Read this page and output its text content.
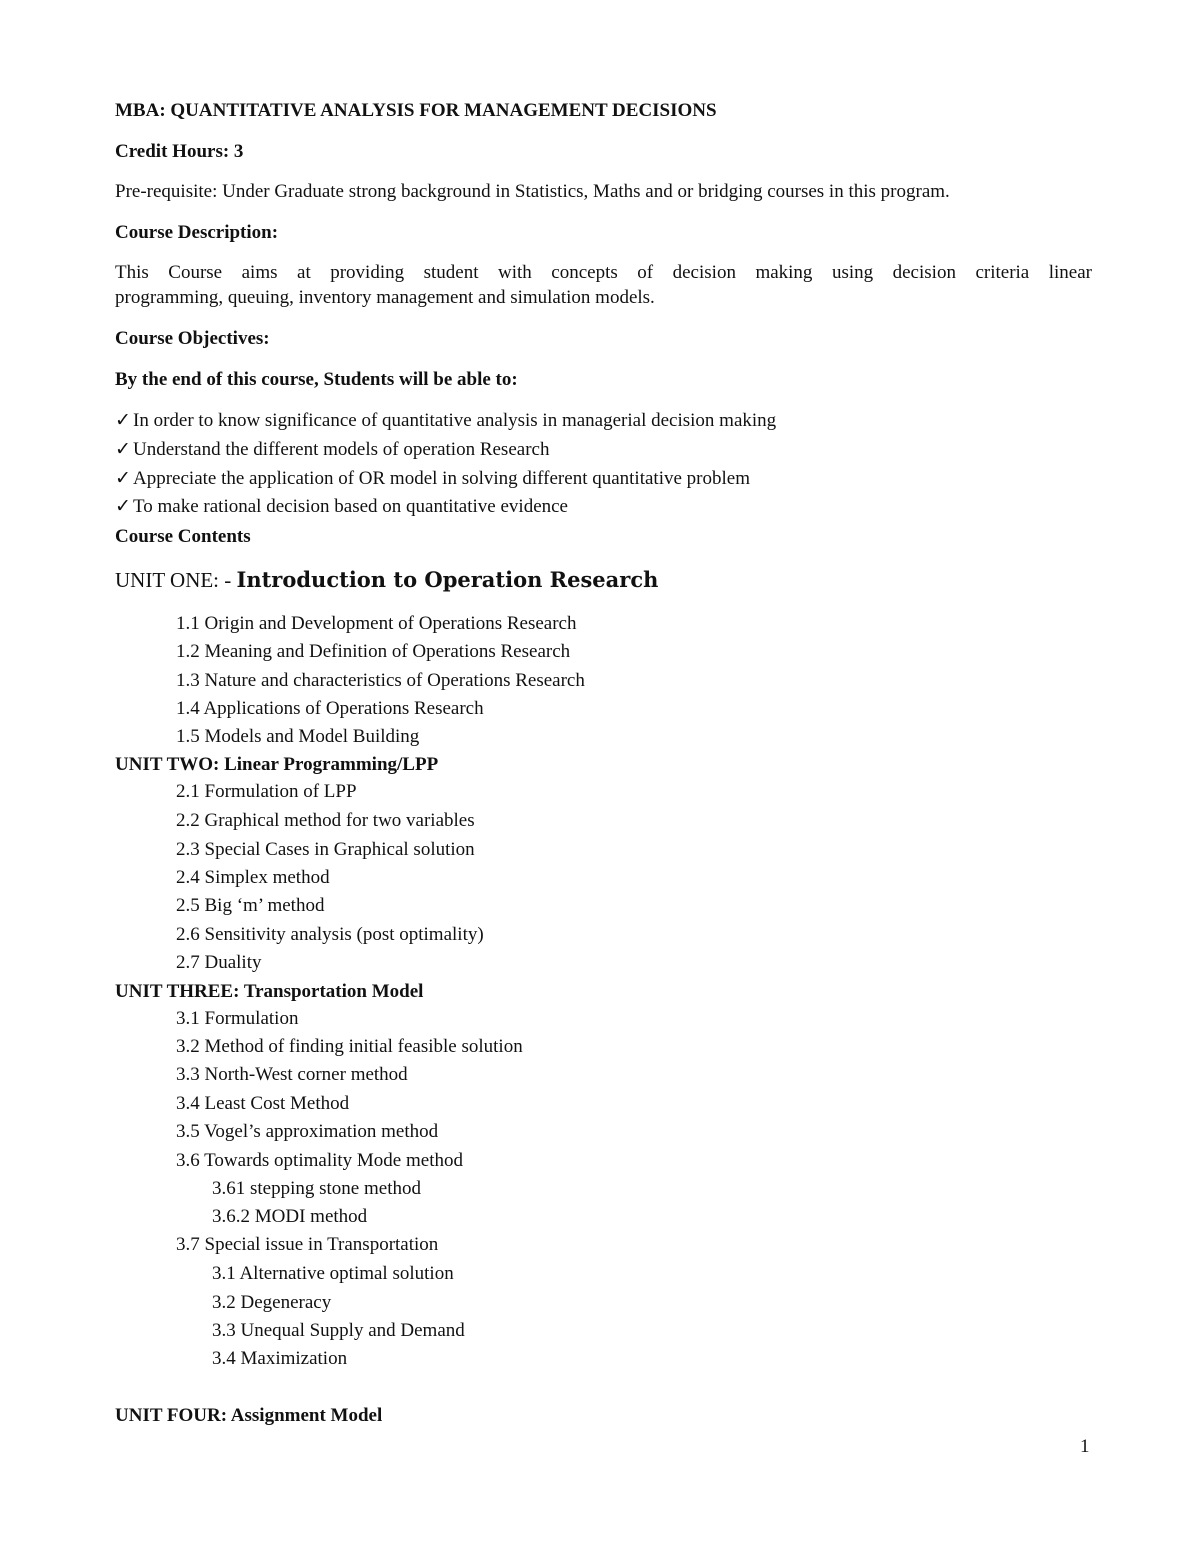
MBA: QUANTITATIVE ANALYSIS FOR MANAGEMENT DECISIONS
Credit Hours: 3
Pre-requisite: Under Graduate strong background in Statistics, Maths and or bridging courses in this program.
Course Description:
This Course aims at providing student with concepts of decision making using decision criteria linear
programming, queuing, inventory management and simulation models.
Course Objectives:
By the end of this course, Students will be able to:
✓ In order to know significance of quantitative analysis in managerial decision making
✓ Understand the different models of operation Research
✓ Appreciate the application of OR model in solving different quantitative problem
✓ To make rational decision based on quantitative evidence
Course Contents
UNIT ONE: - Introduction to Operation Research
1.1 Origin and Development of Operations Research
1.2 Meaning and Definition of Operations Research
1.3 Nature and characteristics of Operations Research
1.4 Applications of Operations Research
1.5 Models and Model Building
UNIT TWO: Linear Programming/LPP
2.1 Formulation of LPP
2.2 Graphical method for two variables
2.3 Special Cases in Graphical solution
2.4 Simplex method
2.5 Big ‘m’ method
2.6 Sensitivity analysis (post optimality)
2.7 Duality
UNIT THREE: Transportation Model
3.1 Formulation
3.2 Method of finding initial feasible solution
3.3 North-West corner method
3.4 Least Cost Method
3.5 Vogel’s approximation method
3.6 Towards optimality Mode method
3.61 stepping stone method
3.6.2 MODI method
3.7 Special issue in Transportation
3.1 Alternative optimal solution
3.2 Degeneracy
3.3 Unequal Supply and Demand
3.4 Maximization
UNIT FOUR: Assignment Model
1
